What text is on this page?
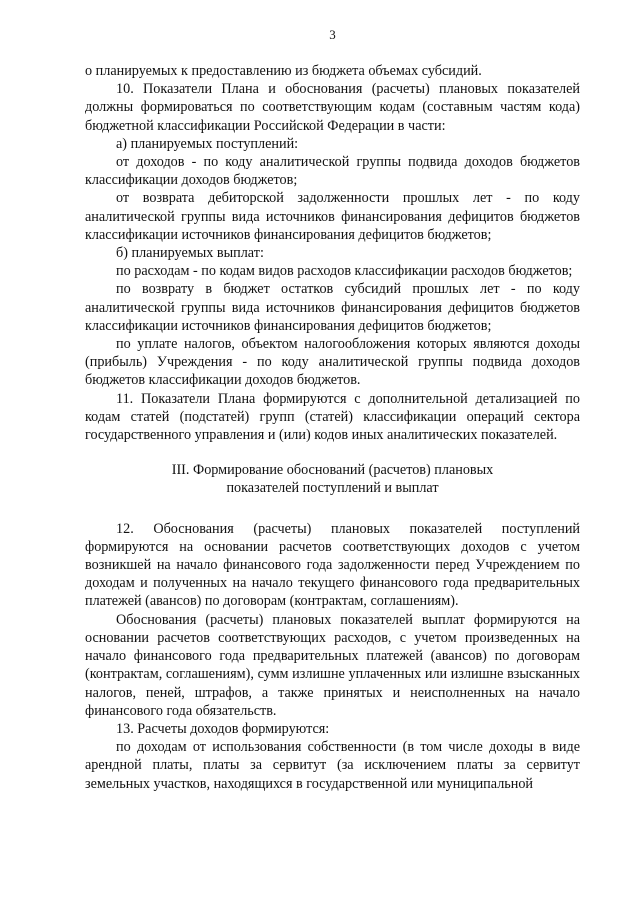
3

о планируемых к предоставлению из бюджета объемах субсидий.

10. Показатели Плана и обоснования (расчеты) плановых показателей должны формироваться по соответствующим кодам (составным частям кода) бюджетной классификации Российской Федерации в части:

а) планируемых поступлений:

от доходов - по коду аналитической группы подвида доходов бюджетов классификации доходов бюджетов;

от возврата дебиторской задолженности прошлых лет - по коду аналитической группы вида источников финансирования дефицитов бюджетов классификации источников финансирования дефицитов бюджетов;

б) планируемых выплат:

по расходам - по кодам видов расходов классификации расходов бюджетов;

по возврату в бюджет остатков субсидий прошлых лет - по коду аналитической группы вида источников финансирования дефицитов бюджетов классификации источников финансирования дефицитов бюджетов;

по уплате налогов, объектом налогообложения которых являются доходы (прибыль) Учреждения - по коду аналитической группы подвида доходов бюджетов классификации доходов бюджетов.

11. Показатели Плана формируются с дополнительной детализацией по кодам статей (подстатей) групп (статей) классификации операций сектора государственного управления и (или) кодов иных аналитических показателей.

III. Формирование обоснований (расчетов) плановых

показателей поступлений и выплат

12. Обоснования (расчеты) плановых показателей поступлений формируются на основании расчетов соответствующих доходов с учетом возникшей на начало финансового года задолженности перед Учреждением по доходам и полученных на начало текущего финансового года предварительных платежей (авансов) по договорам (контрактам, соглашениям).

Обоснования (расчеты) плановых показателей выплат формируются на основании расчетов соответствующих расходов, с учетом произведенных на начало финансового года предварительных платежей (авансов) по договорам (контрактам, соглашениям), сумм излишне уплаченных или излишне взысканных налогов, пеней, штрафов, а также принятых и неисполненных на начало финансового года обязательств.

13. Расчеты доходов формируются:

по доходам от использования собственности (в том числе доходы в виде арендной платы, платы за сервитут (за исключением платы за сервитут земельных участков, находящихся в государственной или муниципальной
